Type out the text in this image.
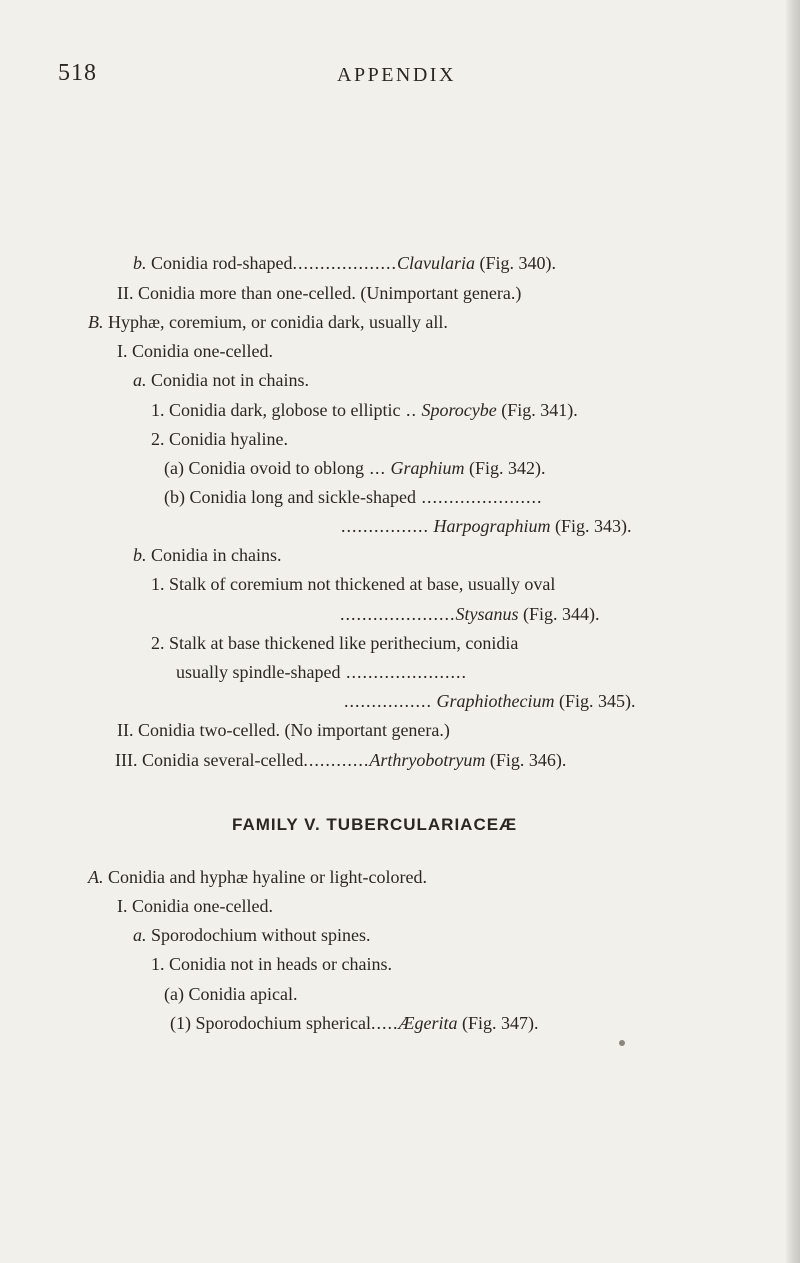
518	APPENDIX
b. Conidia rod-shaped...................Clavularia (Fig. 340).
II. Conidia more than one-celled. (Unimportant genera.)
B. Hyphæ, coremium, or conidia dark, usually all.
I. Conidia one-celled.
a. Conidia not in chains.
1. Conidia dark, globose to elliptic .. Sporocybe (Fig. 341).
2. Conidia hyaline.
(a) Conidia ovoid to oblong ... Graphium (Fig. 342).
(b) Conidia long and sickle-shaped ......................
................ Harpographium (Fig. 343).
b. Conidia in chains.
1. Stalk of coremium not thickened at base, usually oval
.....................Stysanus (Fig. 344).
2. Stalk at base thickened like perithecium, conidia
usually spindle-shaped ......................
................ Graphiothecium (Fig. 345).
II. Conidia two-celled. (No important genera.)
III. Conidia several-celled............Arthryobotryum (Fig. 346).
FAMILY V. TUBERCULARIACEÆ
A. Conidia and hyphæ hyaline or light-colored.
I. Conidia one-celled.
a. Sporodochium without spines.
1. Conidia not in heads or chains.
(a) Conidia apical.
(1) Sporodochium spherical.....Ægerita (Fig. 347).
